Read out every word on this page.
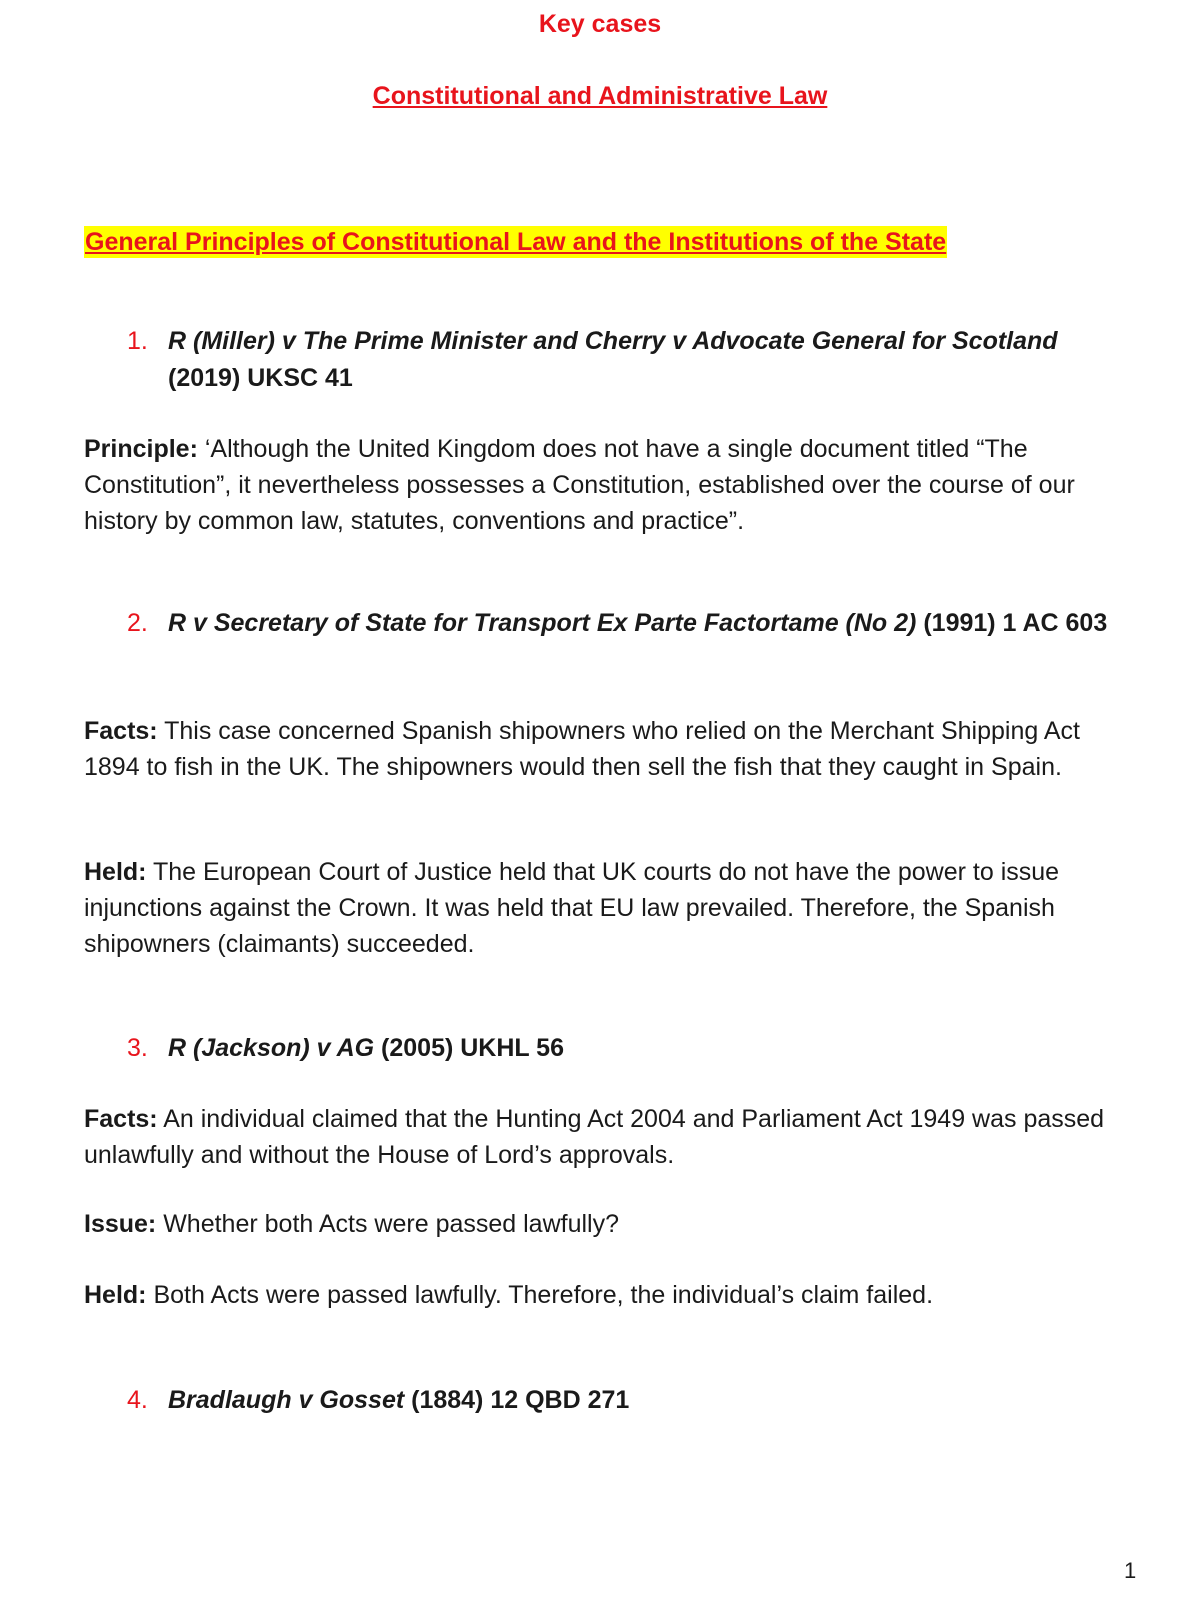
Key cases
Constitutional and Administrative Law
General Principles of Constitutional Law and the Institutions of the State
1. R (Miller) v The Prime Minister and Cherry v Advocate General for Scotland
(2019) UKSC 41
Principle: ‘Although the United Kingdom does not have a single document titled “The Constitution”, it nevertheless possesses a Constitution, established over the course of our history by common law, statutes, conventions and practice”.
2. R v Secretary of State for Transport Ex Parte Factortame (No 2) (1991) 1 AC 603
Facts: This case concerned Spanish shipowners who relied on the Merchant Shipping Act 1894 to fish in the UK. The shipowners would then sell the fish that they caught in Spain.
Held: The European Court of Justice held that UK courts do not have the power to issue injunctions against the Crown. It was held that EU law prevailed. Therefore, the Spanish shipowners (claimants) succeeded.
3. R (Jackson) v AG (2005) UKHL 56
Facts: An individual claimed that the Hunting Act 2004 and Parliament Act 1949 was passed unlawfully and without the House of Lord’s approvals.
Issue: Whether both Acts were passed lawfully?
Held: Both Acts were passed lawfully. Therefore, the individual’s claim failed.
4. Bradlaugh v Gosset (1884) 12 QBD 271
1
